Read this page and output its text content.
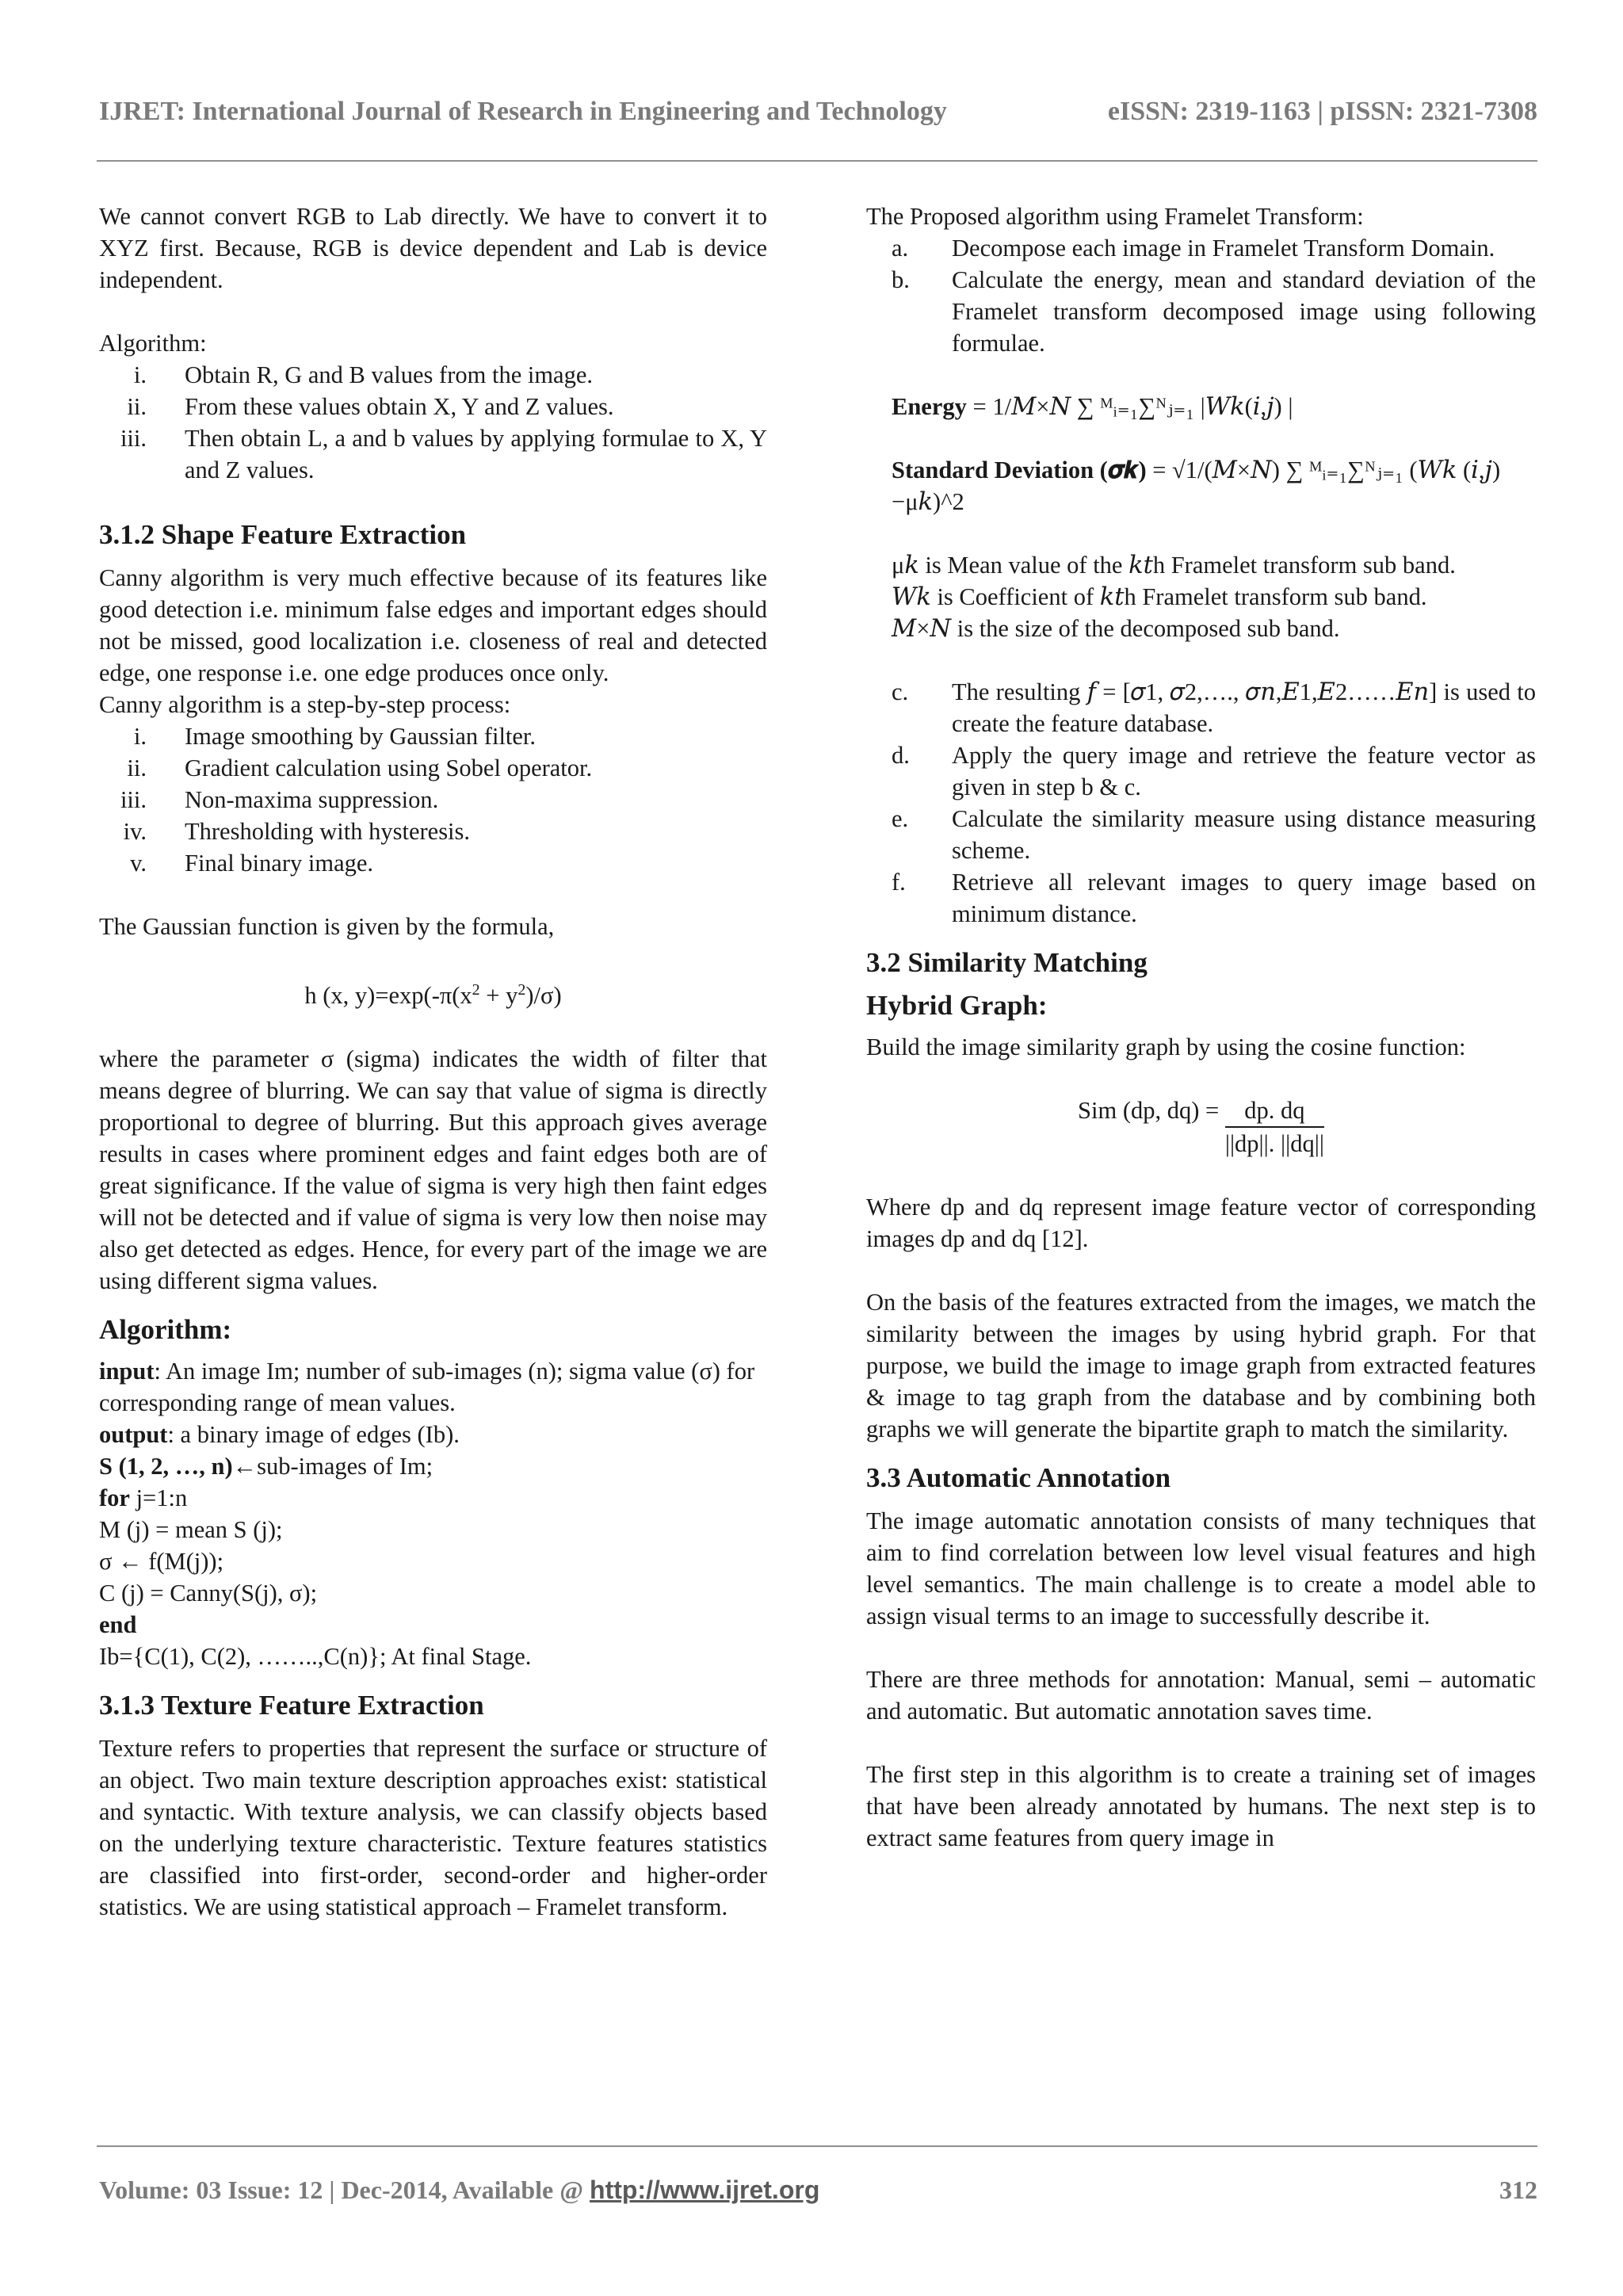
IJRET: International Journal of Research in Engineering and Technology	eISSN: 2319-1163 | pISSN: 2321-7308

We cannot convert RGB to Lab directly. We have to convert it to XYZ first. Because, RGB is device dependent and Lab is device independent.

Algorithm:

i.	Obtain R, G and B values from the image.
ii.	From these values obtain X, Y and Z values.
iii.	Then obtain L, a and b values by applying formulae to X, Y and Z values.
3.1.2 Shape Feature Extraction

Canny algorithm is very much effective because of its features like good detection i.e. minimum false edges and important edges should not be missed, good localization i.e. closeness of real and detected edge, one response i.e. one edge produces once only.

Canny algorithm is a step-by-step process:

i.	Image smoothing by Gaussian filter.
ii.	Gradient calculation using Sobel operator.
iii.	Non-maxima suppression.
iv.	Thresholding with hysteresis.
v.	Final binary image.

The Gaussian function is given by the formula,

h (x, $y)=\exp(-\pi(x^2 + y^2)/\sigma)$

where the parameter σ (sigma) indicates the width of filter that means degree of blurring. We can say that value of sigma is directly proportional to degree of blurring. But this approach gives average results in cases where prominent edges and faint edges both are of great significance. If the value of sigma is very high then faint edges will not be detected and if value of sigma is very low then noise may also get detected as edges. Hence, for every part of the image we are using different sigma values.

Algorithm:

input: An image Im; number of sub-images (n); sigma value (σ) for corresponding range of mean values.

output: a binary image of edges (Ib).

S (1, 2, …, n)←sub-images of Im;

for j=1:n

M (j) = mean S (j);

σ ← f(M(j));

C (j) = Canny(S(j), σ);

end

Ib={C(1), C(2), ……..,C(n)}; At final Stage.

3.1.3 Texture Feature Extraction

Texture refers to properties that represent the surface or structure of an object. Two main texture description approaches exist: statistical and syntactic. With texture analysis, we can classify objects based on the underlying texture characteristic. Texture features statistics are classified into first-order, second-order and higher-order statistics. We are using statistical approach – Framelet transform.

The Proposed algorithm using Framelet Transform:

a.	Decompose each image in Framelet Transform Domain.
b.	Calculate the energy, mean and standard deviation of the Framelet transform decomposed image using following formulae.

Energy = 1/𝑀×𝑁 ∑ ᴹᵢ₌₁∑ᴺⱼ₌₁ |𝑊𝑘(𝑖,𝑗) |

Standard Deviation (𝝈𝒌) = √1/(𝑀×𝑁) ∑ ᴹᵢ₌₁∑ᴺⱼ₌₁ (𝑊𝑘 (𝑖,𝑗) −μ𝑘)^2

μ𝑘 is Mean value of the 𝑘𝑡h Framelet transform sub band.

𝑊𝑘 is Coefficient of 𝑘𝑡h Framelet transform sub band.

𝑀×𝑁 is the size of the decomposed sub band.

c.	The resulting 𝑓 = [𝜎1, 𝜎2,…., 𝜎𝑛,𝐸1,𝐸2……𝐸𝑛] is used to create the feature database.
d.	Apply the query image and retrieve the feature vector as given in step b & c.
e.	Calculate the similarity measure using distance measuring scheme.
f.	Retrieve all relevant images to query image based on minimum distance.
3.2 Similarity Matching
Hybrid Graph:

Build the image similarity graph by using the cosine function:

Sim (dp, $dq) = \frac{dp. dq}{||dp||. ||dq||}$

Where dp and dq represent image feature vector of corresponding images dp and dq [12].

On the basis of the features extracted from the images, we match the similarity between the images by using hybrid graph. For that purpose, we build the image to image graph from extracted features & image to tag graph from the database and by combining both graphs we will generate the bipartite graph to match the similarity.

3.3 Automatic Annotation

The image automatic annotation consists of many techniques that aim to find correlation between low level visual features and high level semantics. The main challenge is to create a model able to assign visual terms to an image to successfully describe it.

There are three methods for annotation: Manual, semi – automatic and automatic. But automatic annotation saves time.

The first step in this algorithm is to create a training set of images that have been already annotated by humans. The next step is to extract same features from query image in

Volume: 03 Issue: 12 | Dec-2014, Available @ http://www.ijret.org	312
